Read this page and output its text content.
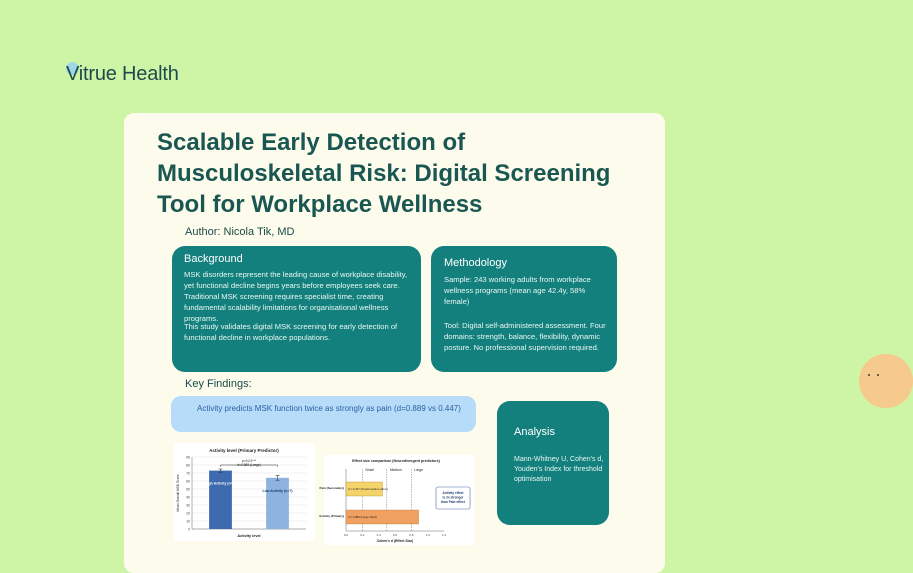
Vitrue Health
Scalable Early Detection of Musculoskeletal Risk: Digital Screening Tool for Workplace Wellness
Author: Nicola Tik, MD
Background

MSK disorders represent the leading cause of workplace disability, yet functional decline begins years before employees seek care. Traditional MSK screening requires specialist time, creating fundamental scalability limitations for organisational wellness programs.

This study validates digital MSK screening for early detection of functional decline in workplace populations.

Methodology

Sample: 243 working adults from workplace wellness programs (mean age 42.4y, 58% female)

Tool: Digital self-administered assessment. Four domains: strength, balance, flexibility, dynamic posture. No professional supervision required.

Key Findings:
Activity predicts MSK function twice as strongly as pain (d=0.889 vs 0.447)
Analysis

Mann-Whitney U, Cohen's d, Youden's Index for threshold optimisation

Activity level (Primary Predictor)
0
10
20
30
40
50
60
70
80
90
High Activity (n=?)
Low Activity (n=?)
p<0.01***
d=0.889 (Large)
Activity level
Mean Overall MSK Score
Effect size comparison (Neurodivergent predictors)
0.0	0.2	0.4	0.6	0.8	1.0	1.2
Small	Medium	Large
d = 0.447 (Small-medium effect)
Pain (Secondary)
d = 0.889 (Large effect)
Activity (Primary)
Activity effect
is 2x stronger
than Pain effect
Cohen's d (Effect Size)
